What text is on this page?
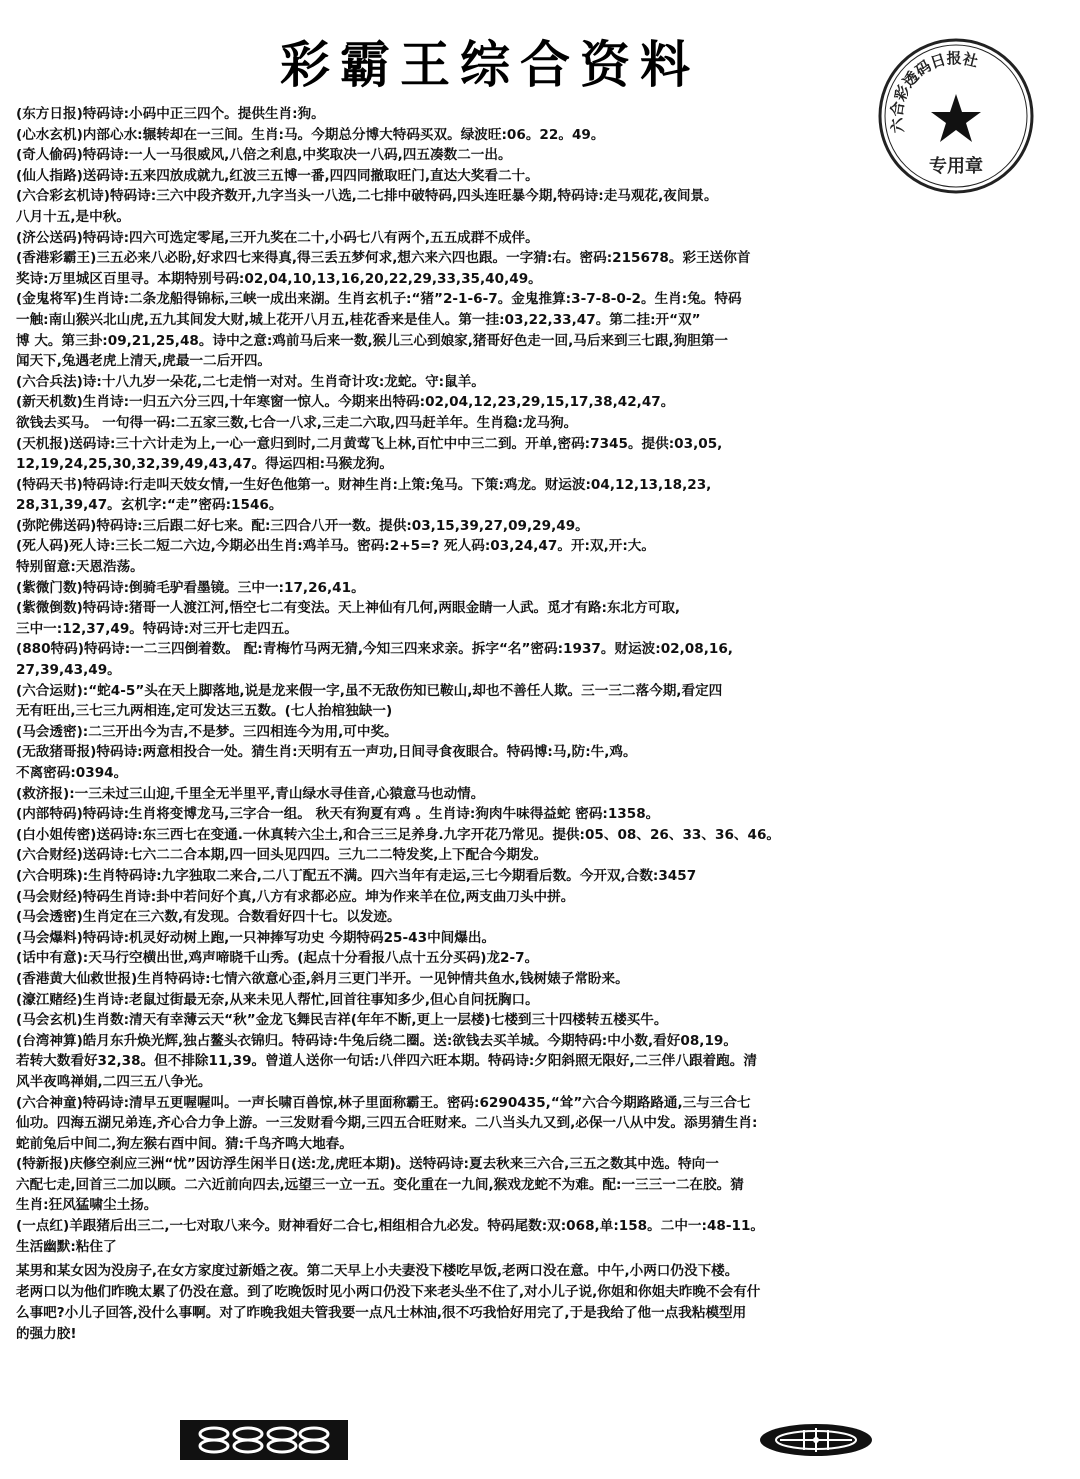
彩霸王综合资料
六合彩透码日报社
专用章
(东方日报)特码诗:小码中正三四个。提供生肖:狗。
(心水玄机)内部心水:辗转却在一三间。生肖:马。今期总分博大特码买双。绿波旺:06。22。49。
(奇人偷码)特码诗:一人一马很威风,八倍之利息,中奖取决一八码,四五凑数二一出。
(仙人指路)送码诗:五来四放成就九,红波三五博一番,四四同撤取旺门,直达大奖看二十。
(六合彩玄机诗)特码诗:三六中段齐数开,九字当头一八选,二七排中破特码,四头连旺暴今期,特码诗:走马观花,夜间景。
八月十五,是中秋。
(济公送码)特码诗:四六可选定零尾,三开九奖在二十,小码七八有两个,五五成群不成伴。
(香港彩霸王)三五必来八必盼,好求四七来得真,得三丢五梦何求,想六来六四也跟。一字猜:右。密码:215678。彩王送你首
奖诗:万里城区百里寻。本期特别号码:02,04,10,13,16,20,22,29,33,35,40,49。
(金鬼将军)生肖诗:二条龙船得锦标,三峡一成出来湖。生肖玄机子:“猪”2-1-6-7。金鬼推算:3-7-8-0-2。生肖:兔。特码
一触:南山猴兴北山虎,五九其间发大财,城上花开八月五,桂花香来是佳人。第一挂:03,22,33,47。第二挂:开“双”
博 大。第三卦:09,21,25,48。诗中之意:鸡前马后来一数,猴儿三心到娘家,猪哥好色走一回,马后来到三七跟,狗胆第一
闻天下,兔遇老虎上清天,虎最一二后开四。
(六合兵法)诗:十八九岁一朵花,二七走悄一对对。生肖奇计攻:龙蛇。守:鼠羊。
(新天机数)生肖诗:一归五六分三四,十年寒窗一惊人。今期来出特码:02,04,12,23,29,15,17,38,42,47。
欲钱去买马。 一句得一码:二五家三数,七合一八求,三走二六取,四马赶羊年。生肖稳:龙马狗。
(天机报)送码诗:三十六计走为上,一心一意归到时,二月黄莺飞上林,百忙中中三二到。开单,密码:7345。提供:03,05,
12,19,24,25,30,32,39,49,43,47。得运四相:马猴龙狗。
(特码天书)特码诗:行走叫天妓女情,一生好色他第一。财神生肖:上策:兔马。下策:鸡龙。财运波:04,12,13,18,23,
28,31,39,47。玄机字:“走”密码:1546。
(弥陀佛送码)特码诗:三后跟二好七来。配:三四合八开一数。提供:03,15,39,27,09,29,49。
(死人码)死人诗:三长二短二六边,今期必出生肖:鸡羊马。密码:2+5=? 死人码:03,24,47。开:双,开:大。
特别留意:天恩浩荡。
(紫微门数)特码诗:倒骑毛驴看墨镜。三中一:17,26,41。
(紫微倒数)特码诗:猪哥一人渡江河,悟空七二有变法。天上神仙有几何,两眼金睛一人武。觅才有路:东北方可取,
三中一:12,37,49。特码诗:对三开七走四五。
(880特码)特码诗:一二三四倒着数。 配:青梅竹马两无猜,今知三四来求亲。拆字“名”密码:1937。财运波:02,08,16,
27,39,43,49。
(六合运财):“蛇4-5”头在天上脚落地,说是龙来假一字,虽不无敌伤知已鞍山,却也不善任人欺。三一三二落今期,看定四
无有旺出,三七三九两相连,定可发达三五数。(七人抬棺独缺一)
(马会透密):二三开出今为吉,不是梦。三四相连今为用,可中奖。
(无敌猪哥报)特码诗:两意相投合一处。猜生肖:天明有五一声功,日间寻食夜眼合。特码博:马,防:牛,鸡。
不离密码:0394。
(救济报):一三未过三山迎,千里全无半里平,青山绿水寻佳音,心猿意马也动情。
(内部特码)特码诗:生肖将变博龙马,三字合一组。 秋天有狗夏有鸡 。生肖诗:狗肉牛味得益蛇 密码:1358。
(白小姐传密)送码诗:东三西七在变通.一休真转六尘土,和合三三足养身.九字开花乃常见。提供:05、08、26、33、36、46。
(六合财经)送码诗:七六二二合本期,四一回头见四四。三九二二特发奖,上下配合今期发。
(六合明珠):生肖特码诗:九字独取二来合,二八丁配五不满。四六当年有走运,三七今期看后数。今开双,合数:3457
(马会财经)特码生肖诗:卦中若问好个真,八方有求都必应。坤为作来羊在位,两支曲刀头中拼。
(马会透密)生肖定在三六数,有发现。合数看好四十七。以发迹。
(马会爆料)特码诗:机灵好动树上跑,一只神捧写功史 今期特码25-43中间爆出。
(话中有意):天马行空横出世,鸡声啼晓千山秀。(起点十分看报八点十五分买码)龙2-7。
(香港黄大仙救世报)生肖特码诗:七情六欲意心歪,斜月三更门半开。一见钟情共鱼水,钱树婊子常盼来。
(濠江赌经)生肖诗:老鼠过街最无奈,从来未见人帮忙,回首往事知多少,但心自问抚胸口。
(马会玄机)生肖数:清天有幸薄云天“秋”金龙飞舞民吉祥(年年不断,更上一层楼)七楼到三十四楼转五楼买牛。
(台湾神算)皓月东升焕光辉,独占鳌头衣锦归。特码诗:牛兔后绕二圈。送:欲钱去买羊城。今期特码:中小数,看好08,19。
若转大数看好32,38。但不排除11,39。曾道人送你一句话:八伴四六旺本期。特码诗:夕阳斜照无限好,二三伴八跟着跑。清
风半夜鸣禅娟,二四三五八争光。
(六合神童)特码诗:清早五更喔喔叫。一声长啸百兽惊,林子里面称霸王。密码:6290435,“耸”六合今期路路通,三与三合七
仙功。四海五湖兄弟连,齐心合力争上游。一三发财看今期,三四五合旺财来。二八当头九又到,必保一八从中发。添男猜生肖:
蛇前兔后中间二,狗左猴右酉中间。猜:千鸟齐鸣大地春。
(特新报)庆修空刹应三洲“忧”因访浮生闲半日(送:龙,虎旺本期)。送特码诗:夏去秋来三六合,三五之数其中选。特向一
六配七走,回首三二加以顾。二六近前向四去,远望三一立一五。变化重在一九间,猴戏龙蛇不为难。配:一三三一二在胶。猜
生肖:狂风猛啸尘土扬。
(一点红)羊跟猪后出三二,一七对取八来今。财神看好二合七,相组相合九必发。特码尾数:双:068,单:158。二中一:48-11。
生活幽默:粘住了
某男和某女因为没房子,在女方家度过新婚之夜。第二天早上小夫妻没下楼吃早饭,老两口没在意。中午,小两口仍没下楼。
老两口以为他们昨晚太累了仍没在意。到了吃晚饭时见小两口仍没下来老头坐不住了,对小儿子说,你姐和你姐夫昨晚不会有什
么事吧?小儿子回答,没什么事啊。对了昨晚我姐夫管我要一点凡士林油,很不巧我恰好用完了,于是我给了他一点我粘模型用
的强力胶!
